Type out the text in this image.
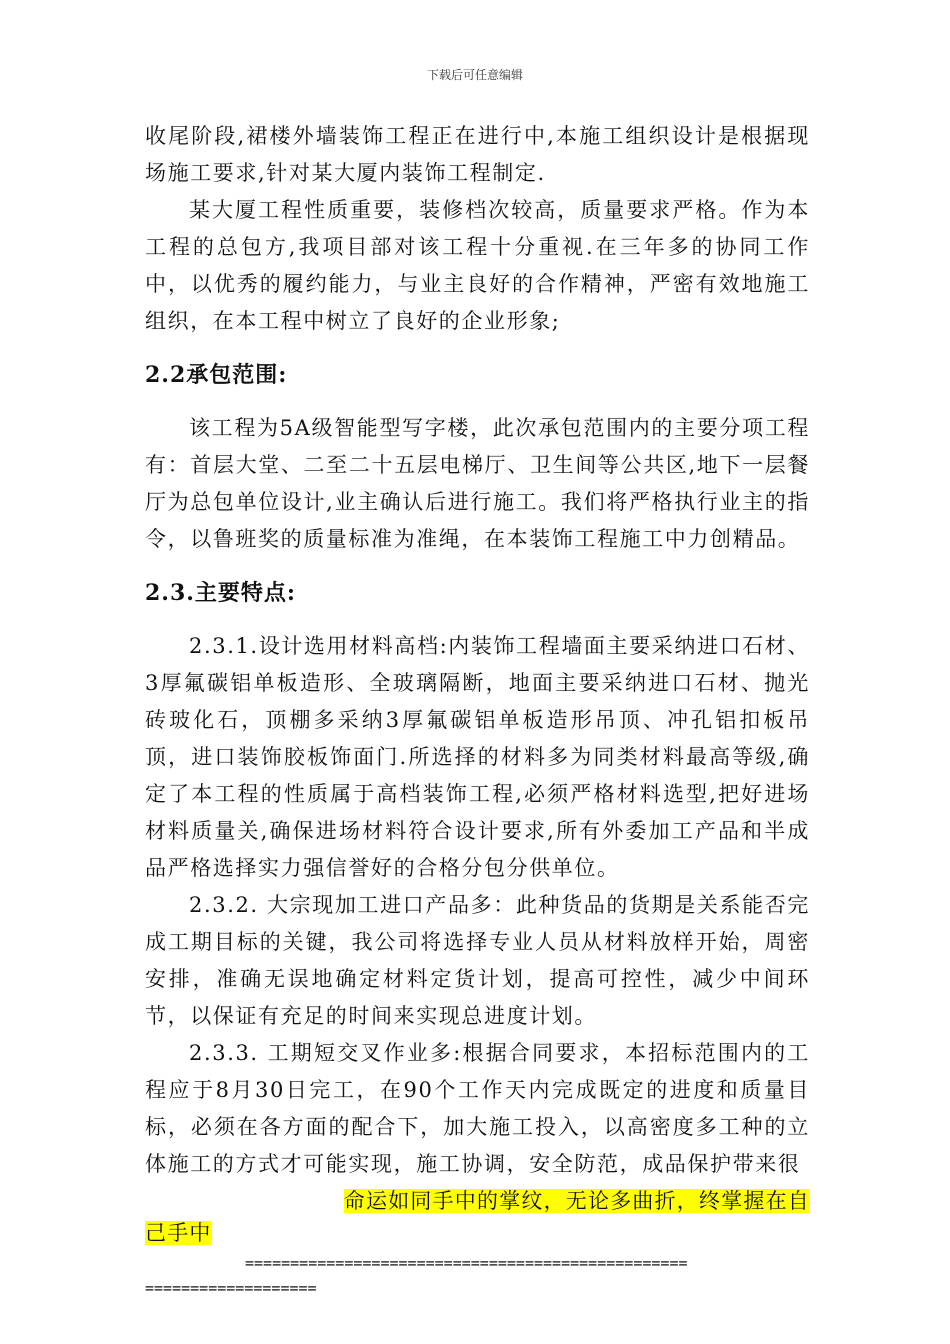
下载后可任意编辑

收尾阶段,裙楼外墙装饰工程正在进行中,本施工组织设计是根据现场施工要求,针对某大厦内装饰工程制定.

某大厦工程性质重要，装修档次较高，质量要求严格。作为本工程的总包方,我项目部对该工程十分重视.在三年多的协同工作中，以优秀的履约能力，与业主良好的合作精神，严密有效地施工组织，在本工程中树立了良好的企业形象;

2.2承包范围:

该工程为5A级智能型写字楼，此次承包范围内的主要分项工程有：首层大堂、二至二十五层电梯厅、卫生间等公共区,地下一层餐厅为总包单位设计,业主确认后进行施工。我们将严格执行业主的指令，以鲁班奖的质量标准为准绳，在本装饰工程施工中力创精品。

2.3.主要特点:

2.3.1.设计选用材料高档:内装饰工程墙面主要采纳进口石材、3厚氟碳铝单板造形、全玻璃隔断，地面主要采纳进口石材、抛光砖玻化石，顶棚多采纳3厚氟碳铝单板造形吊顶、冲孔铝扣板吊顶，进口装饰胶板饰面门.所选择的材料多为同类材料最高等级,确定了本工程的性质属于高档装饰工程,必须严格材料选型,把好进场材料质量关,确保进场材料符合设计要求,所有外委加工产品和半成品严格选择实力强信誉好的合格分包分供单位。

2.3.2. 大宗现加工进口产品多：此种货品的货期是关系能否完成工期目标的关键，我公司将选择专业人员从材料放样开始，周密安排，准确无误地确定材料定货计划，提高可控性，减少中间环节，以保证有充足的时间来实现总进度计划。

2.3.3. 工期短交叉作业多:根据合同要求，本招标范围内的工程应于8月30日完工，在90个工作天内完成既定的进度和质量目标，必须在各方面的配合下，加大施工投入，以高密度多工种的立体施工的方式才可能实现，施工协调，安全防范，成品保护带来很

命运如同手中的掌纹，无论多曲折，终掌握在自
己手中
=================================================
===================
